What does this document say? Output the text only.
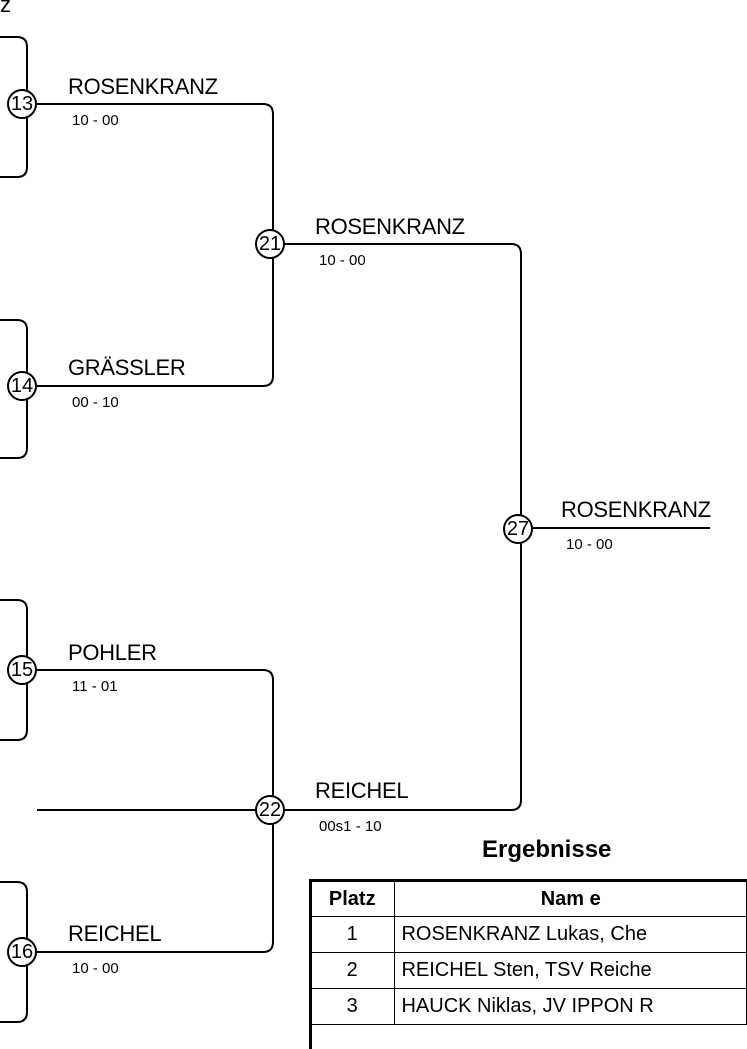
z
13
ROSENKRANZ
10 - 00
14
GRÄSSLER
00 - 10
15
POHLER
11 - 01
16
REICHEL
10 - 00
21
ROSENKRANZ
10 - 00
22
REICHEL
00s1 - 10
27
ROSENKRANZ
10 - 00
Ergebnisse
Platz	Nam e
1	ROSENKRANZ Lukas, Che
2	REICHEL Sten, TSV Reiche
3	HAUCK Niklas, JV IPPON R
